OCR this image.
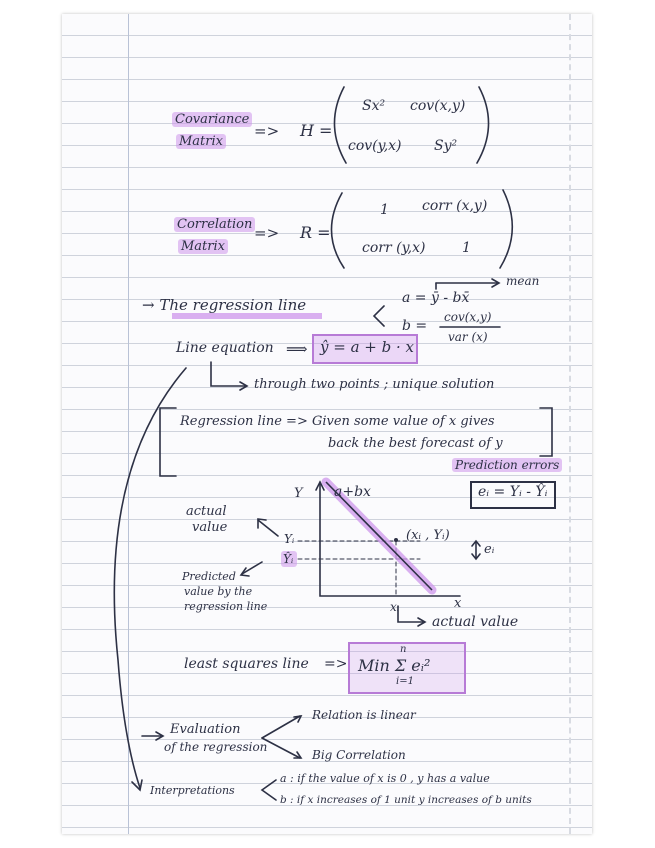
Covariance
Matrix
=> H =
Sx² cov(x,y)
cov(y,x) Sy²
Correlation
Matrix
=> R =
1 corr (x,y)
corr (y,x)	1
→ The regression line
mean
a = ȳ - bx̄
b =
cov(x,y)
var (x)
Line equation ⟹ ŷ = a + b · x
through two points ; unique solution
Regression line => Given some value of x gives
back the best forecast of y
Prediction errors
eᵢ = Yᵢ - Ŷᵢ
Y
x
a+bx
(xᵢ , Yᵢ)
eᵢ
Yᵢ
Ŷᵢ
xᵢ
actual
value
Predicted
value by the
regression line
actual value
least squares line => Min Σ eᵢ²
n
i=1
Evaluation
of the regression
Relation is linear
Big Correlation
Interpretations
a : if the value of x is 0 , y has a value
b : if x increases of 1 unit y increases of b units
